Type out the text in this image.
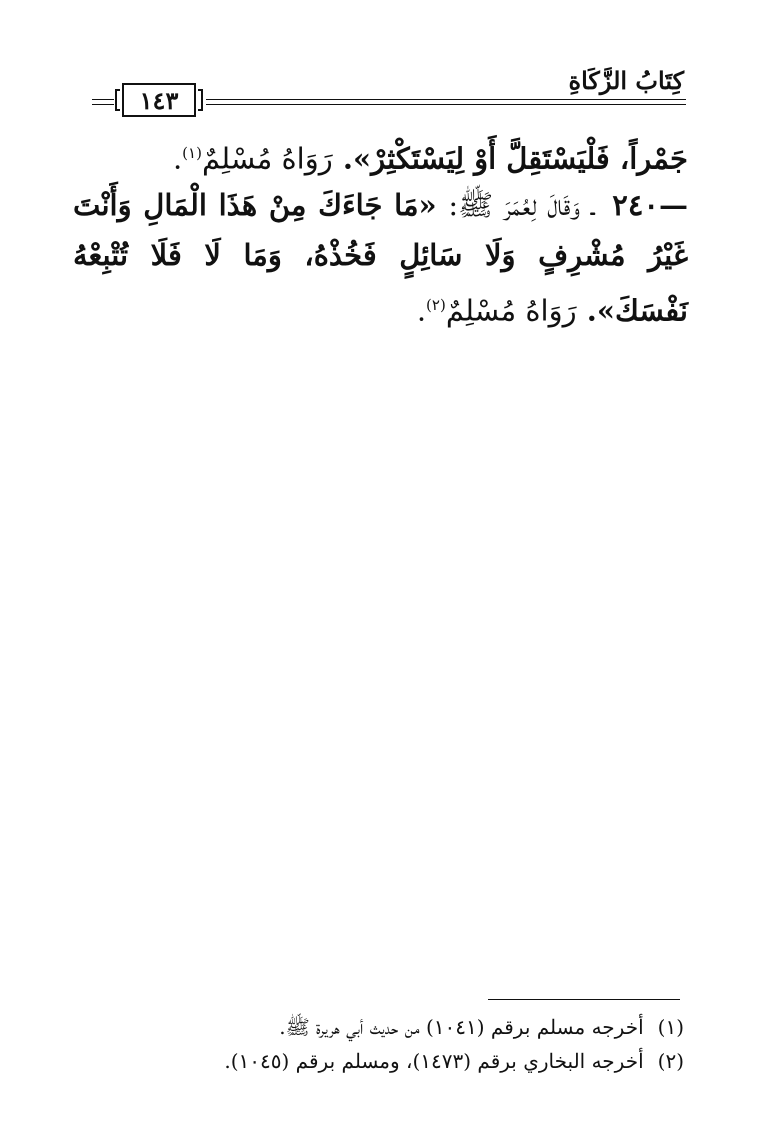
كِتَابُ الزَّكَاةِ
١٤٣
جَمْراً، فَلْيَسْتَقِلَّ أَوْ لِيَسْتَكْثِرْ». رَوَاهُ مُسْلِمٌ$^{(١)}$.
— ٢٤٠ ـ وَقَالَ لِعُمَرَ ﷺ: «مَا جَاءَكَ مِنْ هَذَا الْمَالِ وَأَنْتَ غَيْرُ مُشْرِفٍ وَلَا سَائِلٍ فَخُذْهُ، وَمَا لَا فَلَا تُتْبِعْهُ نَفْسَكَ». رَوَاهُ مُسْلِمٌ$^{(٢)}$.
(١)
أخرجه مسلم برقم (١٠٤١) من حديث أبي هريرة ﷺ.
(٢)
أخرجه البخاري برقم (١٤٧٣)، ومسلم برقم (١٠٤٥).
